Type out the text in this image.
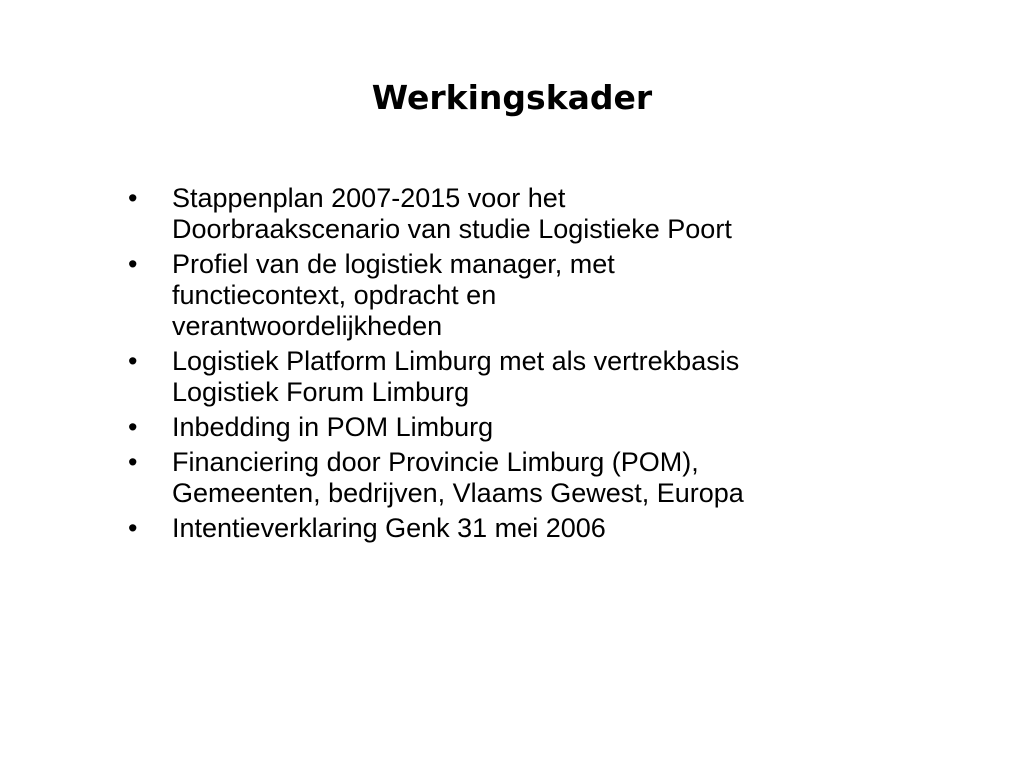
Werkingskader
•	Stappenplan 2007-2015 voor het
Doorbraakscenario van studie Logistieke Poort
•	Profiel van de logistiek manager, met
functiecontext, opdracht en
verantwoordelijkheden
•	Logistiek Platform Limburg met als vertrekbasis
Logistiek Forum Limburg
•	Inbedding in POM Limburg
•	Financiering door Provincie Limburg (POM),
Gemeenten, bedrijven, Vlaams Gewest, Europa
•	Intentieverklaring Genk 31 mei 2006
